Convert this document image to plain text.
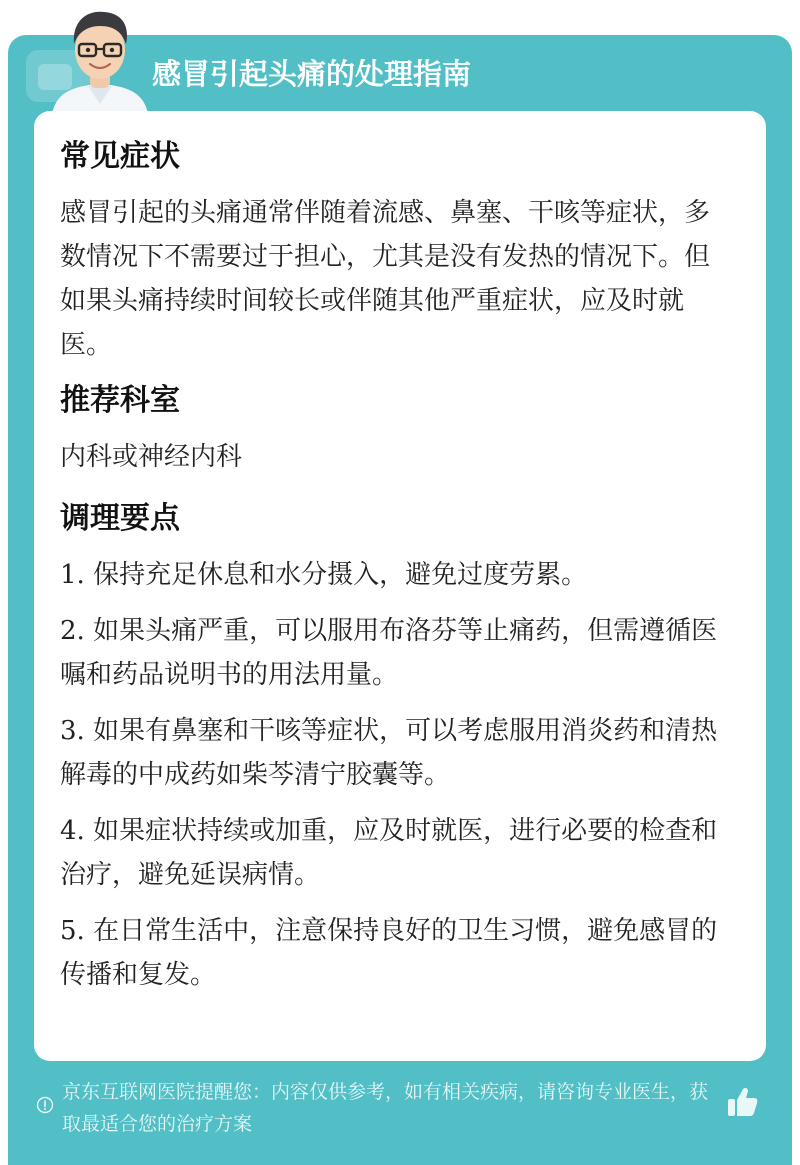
感冒引起头痛的处理指南
常见症状
感冒引起的头痛通常伴随着流感、鼻塞、干咳等症状，多数情况下不需要过于担心，尤其是没有发热的情况下。但如果头痛持续时间较长或伴随其他严重症状，应及时就医。
推荐科室
内科或神经内科
调理要点
1. 保持充足休息和水分摄入，避免过度劳累。
2. 如果头痛严重，可以服用布洛芬等止痛药，但需遵循医嘱和药品说明书的用法用量。
3. 如果有鼻塞和干咳等症状，可以考虑服用消炎药和清热解毒的中成药如柴芩清宁胶囊等。
4. 如果症状持续或加重，应及时就医，进行必要的检查和治疗，避免延误病情。
5. 在日常生活中，注意保持良好的卫生习惯，避免感冒的传播和复发。
京东互联网医院提醒您：内容仅供参考，如有相关疾病，请咨询专业医生，获取最适合您的治疗方案
